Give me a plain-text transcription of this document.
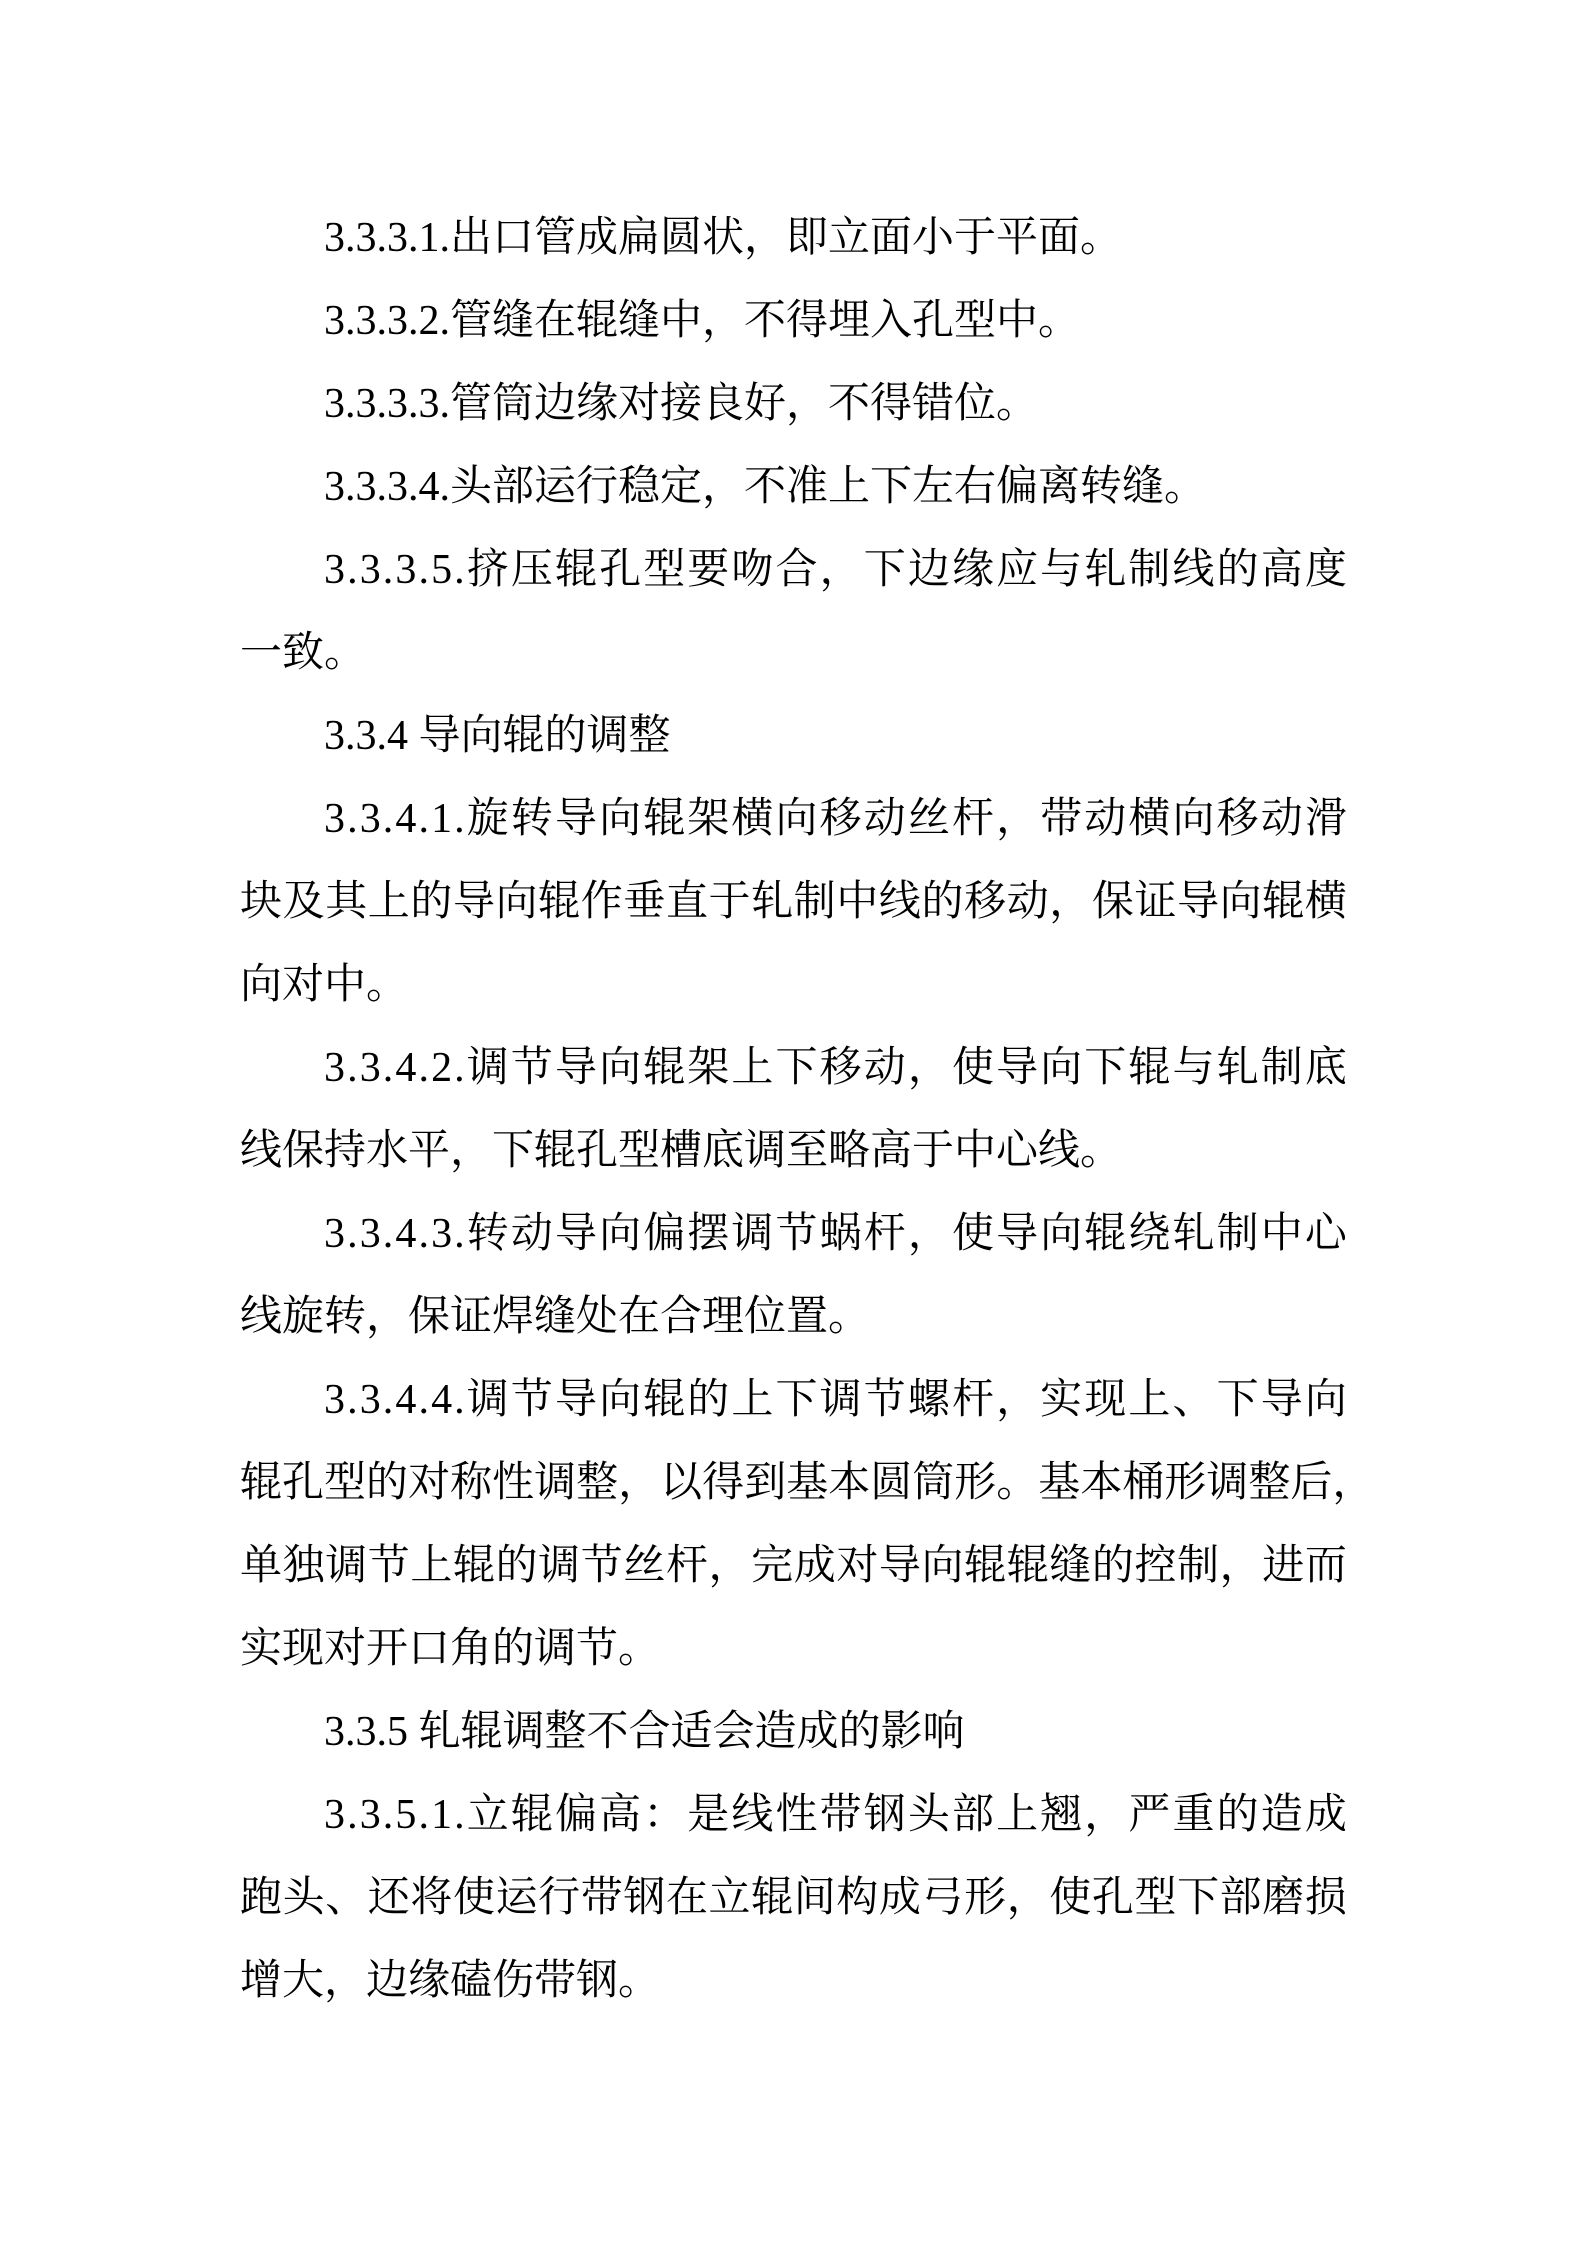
3.3.3.1.出口管成扁圆状，即立面小于平面。
3.3.3.2.管缝在辊缝中，不得埋入孔型中。
3.3.3.3.管筒边缘对接良好，不得错位。
3.3.3.4.头部运行稳定，不准上下左右偏离转缝。
3 . 3 . 3 . 5 . 挤 压 辊 孔 型 要 吻 合 ， 下 边 缘 应 与 轧 制 线 的 高 度
一致。
3.3.4 导向辊的调整
3 . 3 . 4 . 1 . 旋 转 导 向 辊 架 横 向 移 动 丝 杆 ， 带 动 横 向 移 动 滑
块 及 其 上 的 导 向 辊 作 垂 直 于 轧 制 中 线 的 移 动 ， 保 证 导 向 辊 横
向对中。
3 . 3 . 4 . 2 . 调 节 导 向 辊 架 上 下 移 动 ， 使 导 向 下 辊 与 轧 制 底
线保持水平，下辊孔型槽底调至略高于中心线。
3 . 3 . 4 . 3 . 转 动 导 向 偏 摆 调 节 蜗 杆 ， 使 导 向 辊 绕 轧 制 中 心
线旋转，保证焊缝处在合理位置。
3 . 3 . 4 . 4 . 调 节 导 向 辊 的 上 下 调 节 螺 杆 ， 实 现 上 、 下 导 向
辊 孔 型 的 对 称 性 调 整 ， 以 得 到 基 本 圆 筒 形 。 基 本 桶 形 调 整 后 ，
单 独 调 节 上 辊 的 调 节 丝 杆 ， 完 成 对 导 向 辊 辊 缝 的 控 制 ， 进 而
实现对开口角的调节。
3.3.5 轧辊调整不合适会造成的影响
3 . 3 . 5 . 1 . 立 辊 偏 高 ： 是 线 性 带 钢 头 部 上 翘 ， 严 重 的 造 成
跑 头 、 还 将 使 运 行 带 钢 在 立 辊 间 构 成 弓 形 ， 使 孔 型 下 部 磨 损
增大，边缘磕伤带钢。
